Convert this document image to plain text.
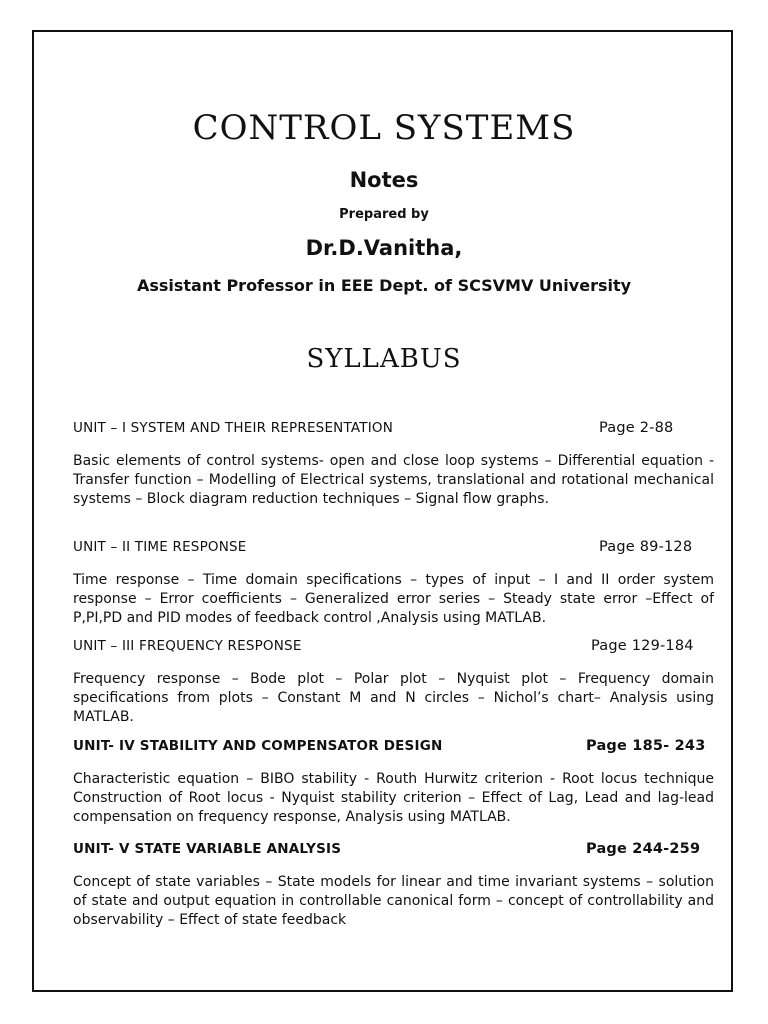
CONTROL SYSTEMS
Notes
Prepared by
Dr.D.Vanitha,
Assistant Professor in EEE Dept. of SCSVMV University
SYLLABUS
UNIT – I SYSTEM AND THEIR REPRESENTATION	Page 2-88
Basic elements of control systems- open and close loop systems – Differential equation - Transfer function – Modelling of Electrical systems, translational and rotational mechanical systems – Block diagram reduction techniques – Signal flow graphs.
UNIT – II TIME RESPONSE	Page 89-128
Time response – Time domain specifications – types of input – I and II order system response – Error coefficients – Generalized error series – Steady state error –Effect of P,PI,PD and PID modes of feedback control ,Analysis using MATLAB.
UNIT – III FREQUENCY RESPONSE	Page 129-184
Frequency response – Bode plot – Polar plot – Nyquist plot – Frequency domain specifications from plots – Constant M and N circles – Nichol’s chart– Analysis using MATLAB.
UNIT- IV STABILITY AND COMPENSATOR DESIGN	Page 185- 243
Characteristic equation – BIBO stability - Routh Hurwitz criterion - Root locus technique Construction of Root locus - Nyquist stability criterion – Effect of Lag, Lead and lag-lead compensation on frequency response, Analysis using MATLAB.
UNIT- V STATE VARIABLE ANALYSIS	Page 244-259
Concept of state variables – State models for linear and time invariant systems – solution of state and output equation in controllable canonical form – concept of controllability and observability – Effect of state feedback
